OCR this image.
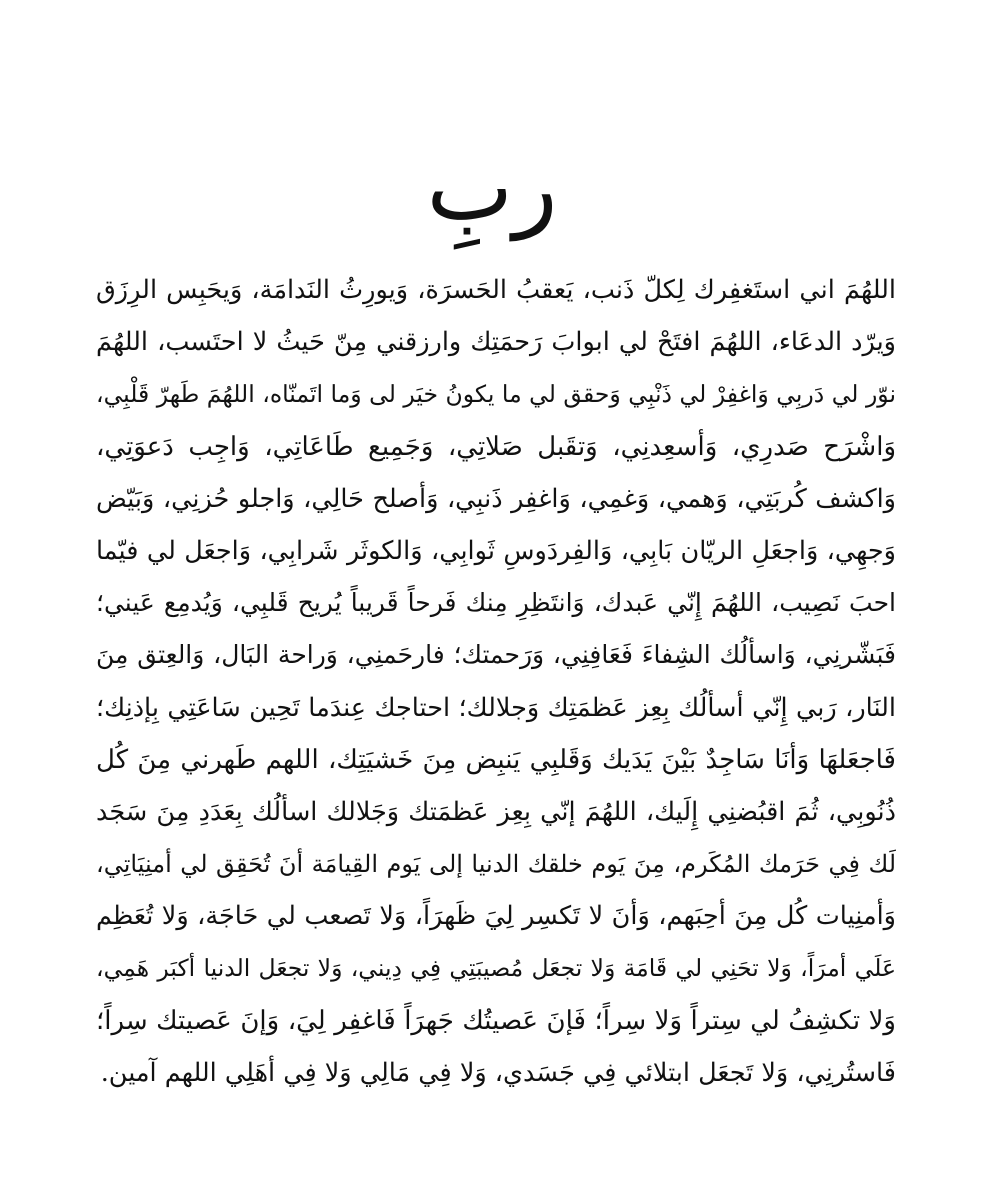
ربِ
اللهُمَ اني استَغفِرك لِكلّ ذَنب، يَعقبُ الحَسرَة، وَيورِثُ النَدامَة، وَيحَبِس الرِزَق
وَيرّد الدعَاء، اللهُمَ افتَحْ لي ابوابَ رَحمَتِك وارزقني مِنّ حَيثُ لا احتَسب، اللهُمَ
نوّر لي دَربِي وَاغفِرْ لي ذَنْبِي وَحقق لي ما يكونُ خيَر لى وَما اتَمنّاه، اللهُمَ طَهرّ قَلْبِي،
وَاشْرَح صَدرِي، وَأسعِدنِي، وَتقَبل صَلاتِي، وَجَمِيع طَاعَاتِي، وَاجِب دَعوَتِي،
وَاكشف كُربَتِي، وَهمي، وَغمِي، وَاغفِر ذَنبِي، وَأصلح حَالِي، وَاجلو حُزنِي، وَبَيّض
وَجهِي، وَاجعَلِ الريّان بَابِي، وَالفِردَوسِ ثَوابِي، وَالكوثَر شَرابِي، وَاجعَل لي فيّما
احبَ نَصِيب، اللهُمَ إِنّي عَبدك، وَانتَظِرِ مِنك فَرحاً قَريباً يُريح قَلبِي، وَيُدمِع عَيني؛
فَبَشّرنِي، وَاسألُك الشِفاءَ فَعَافِنِي، وَرَحمتك؛ فارحَمنِي، وَراحة البَال، وَالعِتق مِنَ
النَار، رَبي إِنّي أسألُك بِعِز عَظمَتِك وَجلالك؛ احتاجك عِندَما تَحِين سَاعَتِي بِإذنِك؛
فَاجعَلهَا وَأنَا سَاجِدٌ بَيْنَ يَدَيك وَقَلبِي يَنبِض مِنَ خَشيَتِك، اللهم طَهرني مِنَ كُل
ذُنُوبِي، ثُمَ اقبُضنِي إِلَيك، اللهُمَ إنّي بِعِز عَظمَتك وَجَلالك اسألُك بِعَدَدِ مِنَ سَجَد
لَك فِي حَرَمك المُكَرم، مِنَ يَوم خلقك الدنيا إلى يَوم القِيامَة أنَ تُحَقِق لي أمنِيَاتِي،
وَأمنِيات كُل مِنَ أحِبَهم، وَأنَ لا تَكسِر لِيَ ظَهرَاً، وَلا تَصعب لي حَاجَة، وَلا تُعَظِم
عَلَي أمرَاً، وَلا تحَنِي لي قَامَة وَلا تجعَل مُصيبَتِي فِي دِيني، وَلا تجعَل الدنيا أكبَر هَمِي،
وَلا تكشِفُ لي سِتراً وَلا سِراً؛ فَإنَ عَصيتُك جَهرَاً فَاغفِر لِيَ، وَإنَ عَصيتك سِراً؛
فَاستُرنِي، وَلا تَجعَل ابتلائي فِي جَسَدي، وَلا فِي مَالِي وَلا فِي أهَلِي اللهم آمين.
